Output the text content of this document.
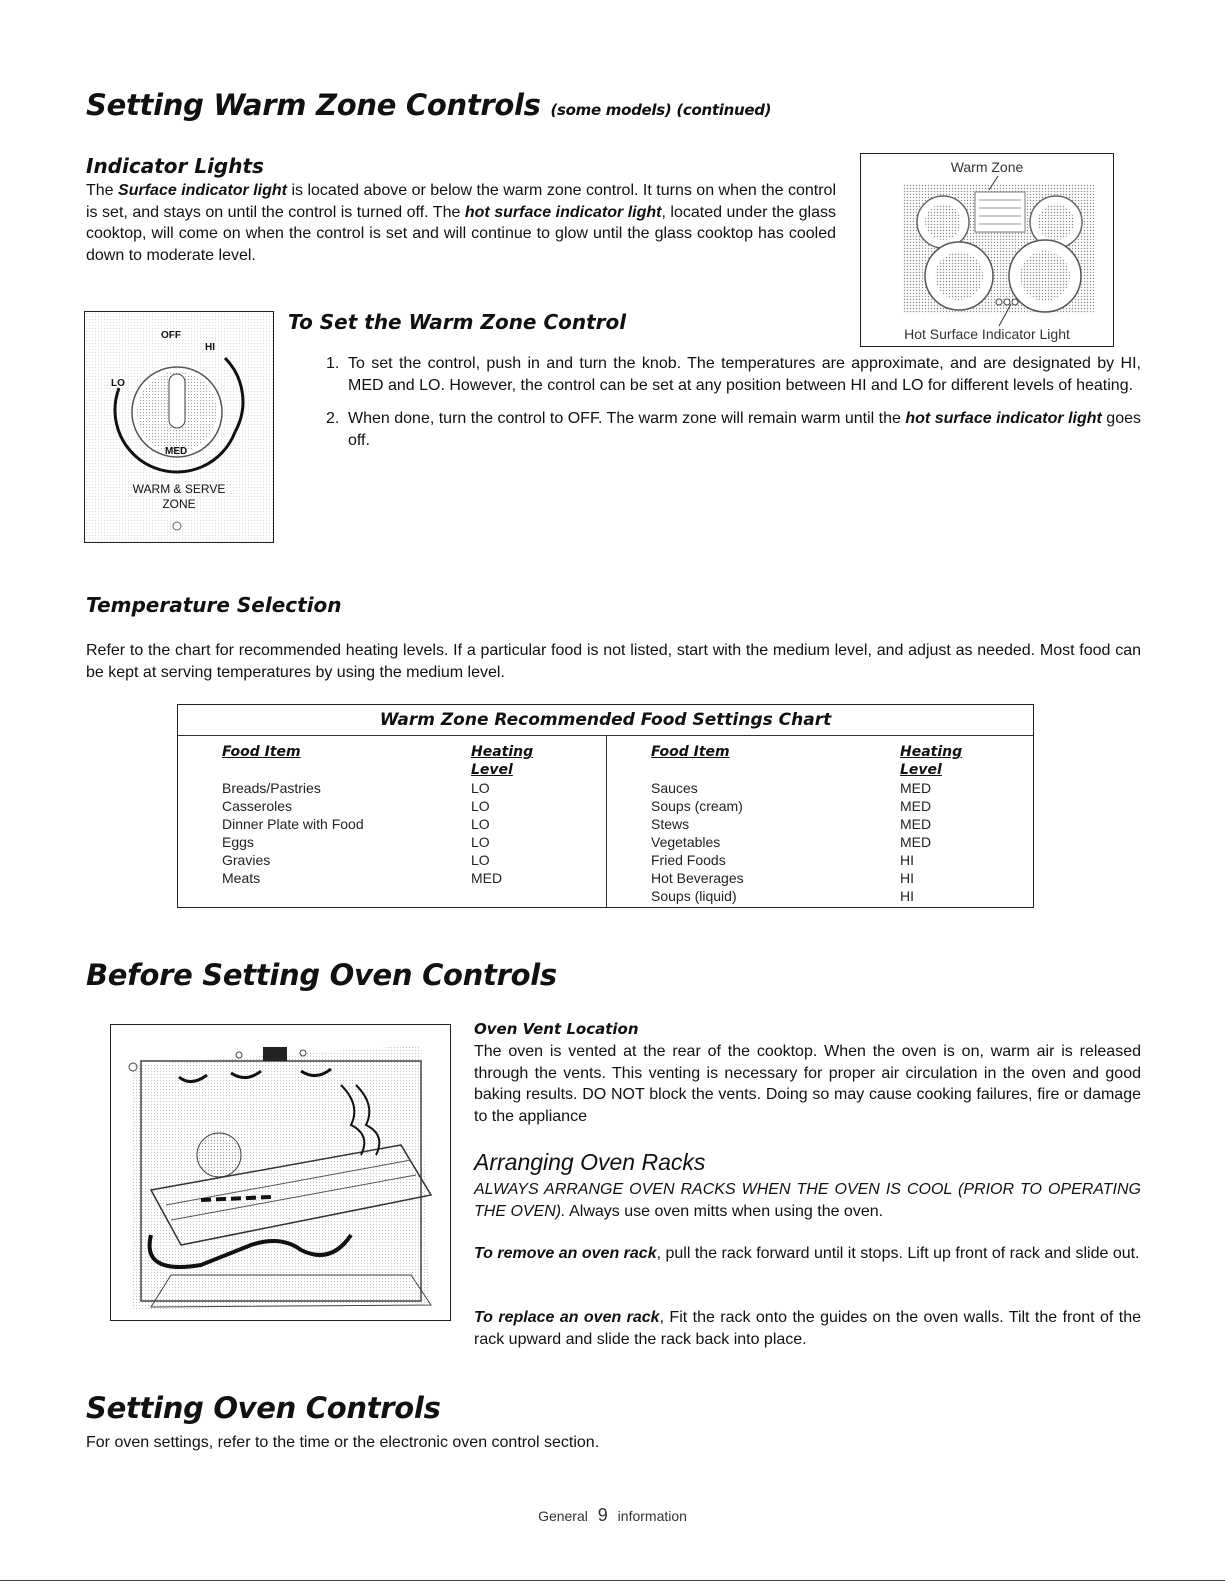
Setting Warm Zone Controls (some models) (continued)
Indicator Lights

The Surface indicator light is located above or below the warm zone control. It turns on when the control is set, and stays on until the control is turned off. The hot surface indicator light, located under the glass cooktop, will come on when the control is set and will continue to glow until the glass cooktop has cooled down to moderate level.

Warm Zone
Hot Surface Indicator Light
OFF
HI
LO
MED
WARM & SERVE
ZONE
To Set the Warm Zone Control
1. To set the control, push in and turn the knob. The temperatures are approximate, and are designated by HI, MED and LO. However, the control can be set at any position between HI and LO for different levels of heating.
2. When done, turn the control to OFF. The warm zone will remain warm until the hot surface indicator light goes off.
Temperature Selection

Refer to the chart for recommended heating levels. If a particular food is not listed, start with the medium level, and adjust as needed. Most food can be kept at serving temperatures by using the medium level.

Warm Zone Recommended Food Settings Chart
Food Item	Heating
Level
Breads/Pastries	LO
Casseroles	LO
Dinner Plate with Food	LO
Eggs	LO
Gravies	LO
Meats	MED
Food Item	Heating
Level
Sauces	MED
Soups (cream)	MED
Stews	MED
Vegetables	MED
Fried Foods	HI
Hot Beverages	HI
Soups (liquid)	HI
Before Setting Oven Controls
Oven Vent Location

The oven is vented at the rear of the cooktop. When the oven is on, warm air is released through the vents. This venting is necessary for proper air circulation in the oven and good baking results. DO NOT block the vents. Doing so may cause cooking failures, fire or damage to the appliance

Arranging Oven Racks

ALWAYS ARRANGE OVEN RACKS WHEN THE OVEN IS COOL (PRIOR TO OPERATING THE OVEN). Always use oven mitts when using the oven.

To remove an oven rack, pull the rack forward until it stops. Lift up front of rack and slide out.

To replace an oven rack, Fit the rack onto the guides on the oven walls. Tilt the front of the rack upward and slide the rack back into place.

Setting Oven Controls

For oven settings, refer to the time or the electronic oven control section.

General 9 information
